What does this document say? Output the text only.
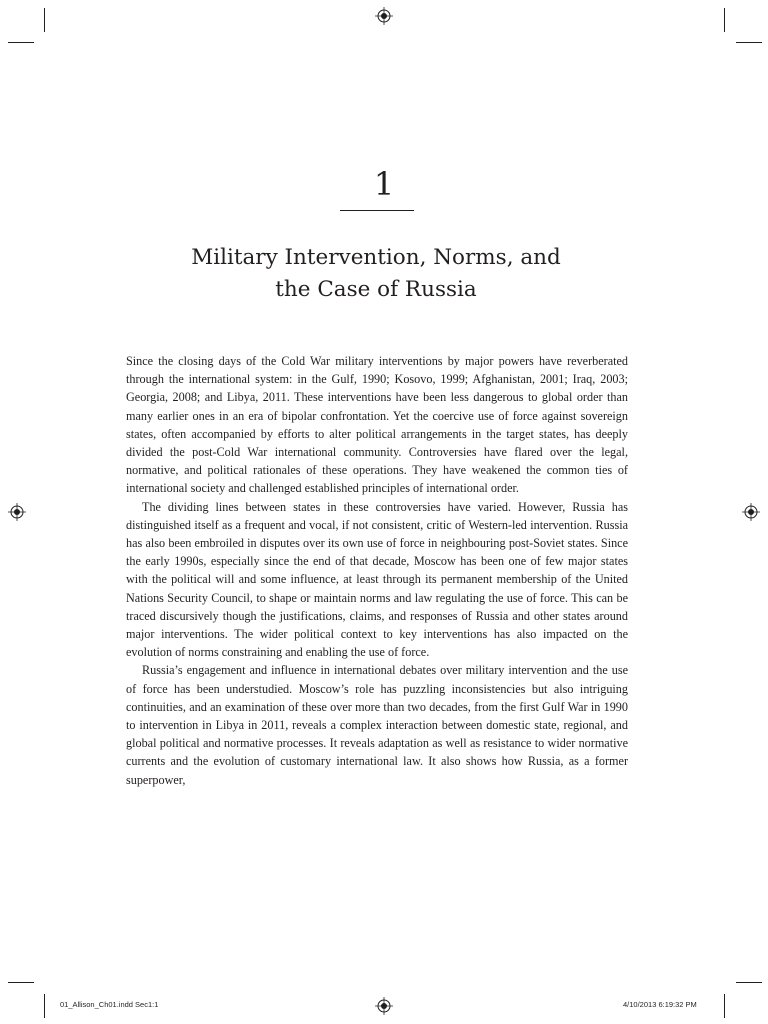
1
Military Intervention, Norms, and
the Case of Russia

Since the closing days of the Cold War military interventions by major powers have reverberated through the international system: in the Gulf, 1990; Kosovo, 1999; Afghanistan, 2001; Iraq, 2003; Georgia, 2008; and Libya, 2011. These interventions have been less dangerous to global order than many earlier ones in an era of bipolar confrontation. Yet the coercive use of force against sovereign states, often accompanied by efforts to alter political arrangements in the target states, has deeply divided the post-Cold War international community. Controversies have flared over the legal, normative, and political rationales of these operations. They have weakened the common ties of international society and challenged established principles of international order.

The dividing lines between states in these controversies have varied. However, Russia has distinguished itself as a frequent and vocal, if not consistent, critic of Western-led intervention. Russia has also been embroiled in disputes over its own use of force in neighbouring post-Soviet states. Since the early 1990s, especially since the end of that decade, Moscow has been one of few major states with the political will and some influence, at least through its permanent membership of the United Nations Security Council, to shape or maintain norms and law regulating the use of force. This can be traced discursively though the justifications, claims, and responses of Russia and other states around major interventions. The wider political context to key interventions has also impacted on the evolution of norms constraining and enabling the use of force.

Russia’s engagement and influence in international debates over military intervention and the use of force has been understudied. Moscow’s role has puzzling inconsistencies but also intriguing continuities, and an examination of these over more than two decades, from the first Gulf War in 1990 to intervention in Libya in 2011, reveals a complex interaction between domestic state, regional, and global political and normative processes. It reveals adaptation as well as resistance to wider normative currents and the evolution of customary international law. It also shows how Russia, as a former superpower,

01_Allison_Ch01.indd Sec1:1	4/10/2013 6:19:32 PM
